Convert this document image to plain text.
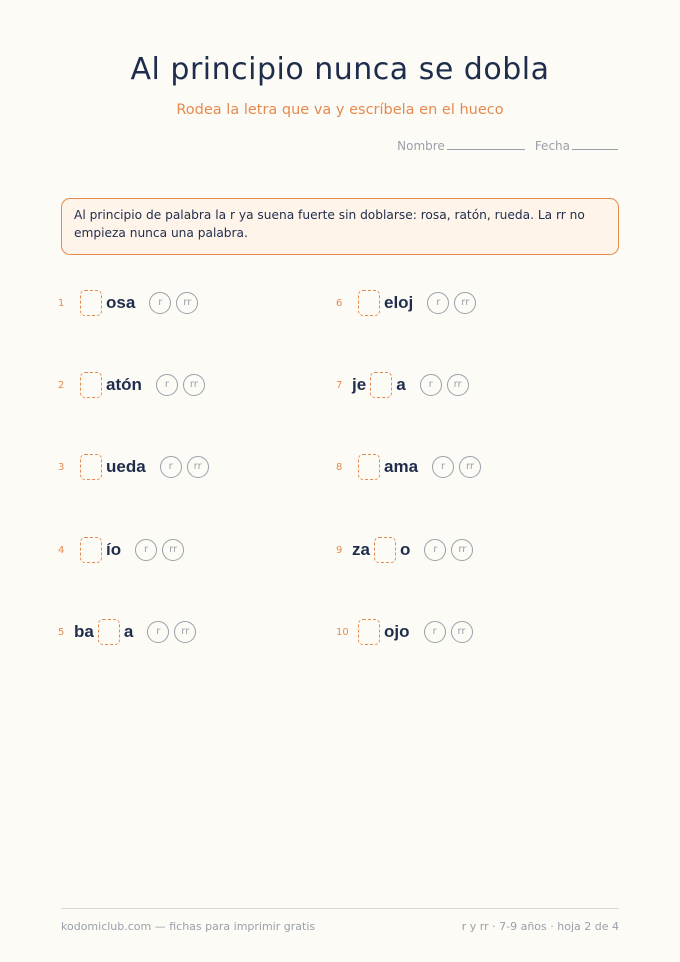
Al principio nunca se dobla
Rodea la letra que va y escríbela en el hueco
Nombre	Fecha
Al principio de palabra la r ya suena fuerte sin doblarse: rosa, ratón, rueda. La rr no empieza nunca una palabra.
1	osa	r	rr
2	atón	r	rr
3	ueda	r	rr
4	ío	r	rr
5 ba a	r	rr
6	eloj	r	rr
7 je a	r	rr
8	ama	r	rr
9 za o	r	rr
10 ojo	r	rr
kodomiclub.com — fichas para imprimir gratis	r y rr · 7-9 años · hoja 2 de 4
